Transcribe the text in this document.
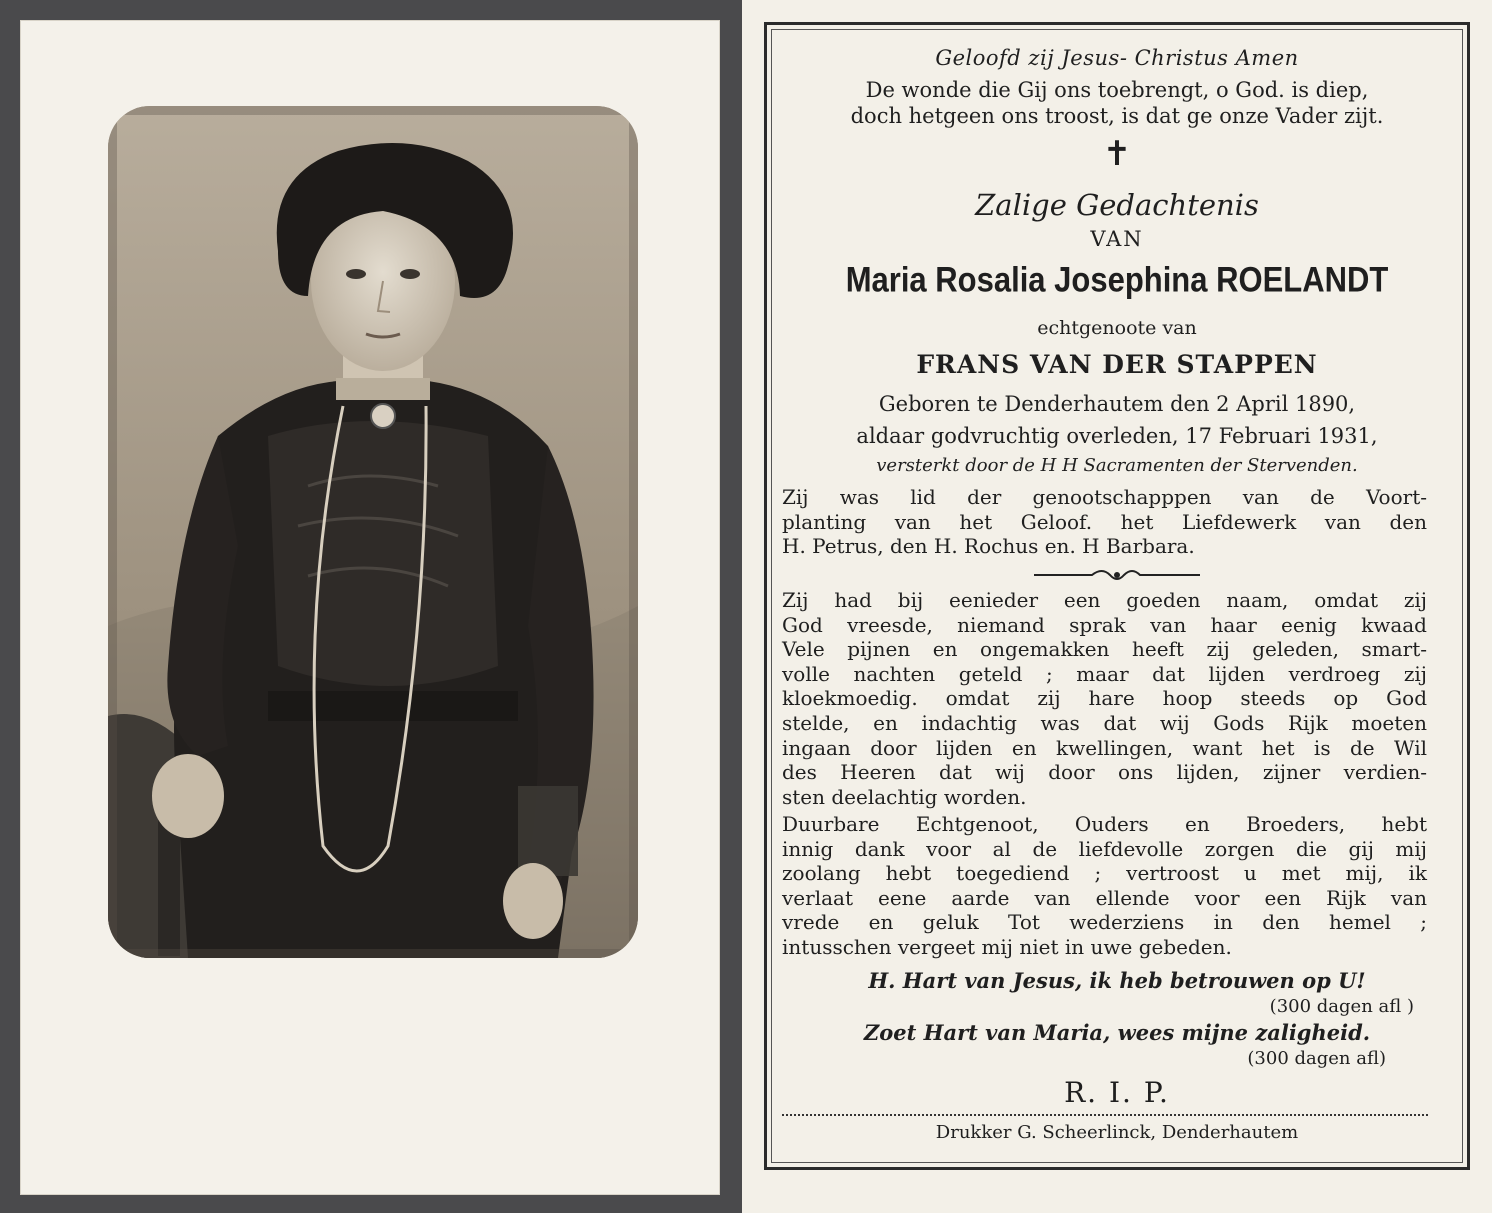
Geloofd zij Jesus- Christus Amen
De wonde die Gij ons toebrengt, o God. is diep,
doch hetgeen ons troost, is dat ge onze Vader zijt.
✝
Zalige Gedachtenis
VAN
Maria Rosalia Josephina ROELANDT
echtgenoote van
FRANS VAN DER STAPPEN
Geboren te Denderhautem den 2 April 1890,
aldaar godvruchtig overleden, 17 Februari 1931,
versterkt door de H H Sacramenten der Stervenden.
Zij was lid der genootschapppen van de Voort-
planting van het Geloof. het Liefdewerk van den
H. Petrus, den H. Rochus en. H Barbara.
Zij had bij eenieder een goeden naam, omdat zij
God vreesde, niemand sprak van haar eenig kwaad
Vele pijnen en ongemakken heeft zij geleden, smart-
volle nachten geteld ; maar dat lijden verdroeg zij
kloekmoedig. omdat zij hare hoop steeds op God
stelde, en indachtig was dat wij Gods Rijk moeten
ingaan door lijden en kwellingen, want het is de Wil
des Heeren dat wij door ons lijden, zijner verdien-
sten deelachtig worden.
Duurbare Echtgenoot, Ouders en Broeders, hebt
innig dank voor al de liefdevolle zorgen die gij mij
zoolang hebt toegediend ; vertroost u met mij, ik
verlaat eene aarde van ellende voor een Rijk van
vrede en geluk Tot wederziens in den hemel ;
intusschen vergeet mij niet in uwe gebeden.
H. Hart van Jesus, ik heb betrouwen op U!
(300 dagen afl )
Zoet Hart van Maria, wees mijne zaligheid.
(300 dagen afl)
R. I. P.
Drukker G. Scheerlinck, Denderhautem
